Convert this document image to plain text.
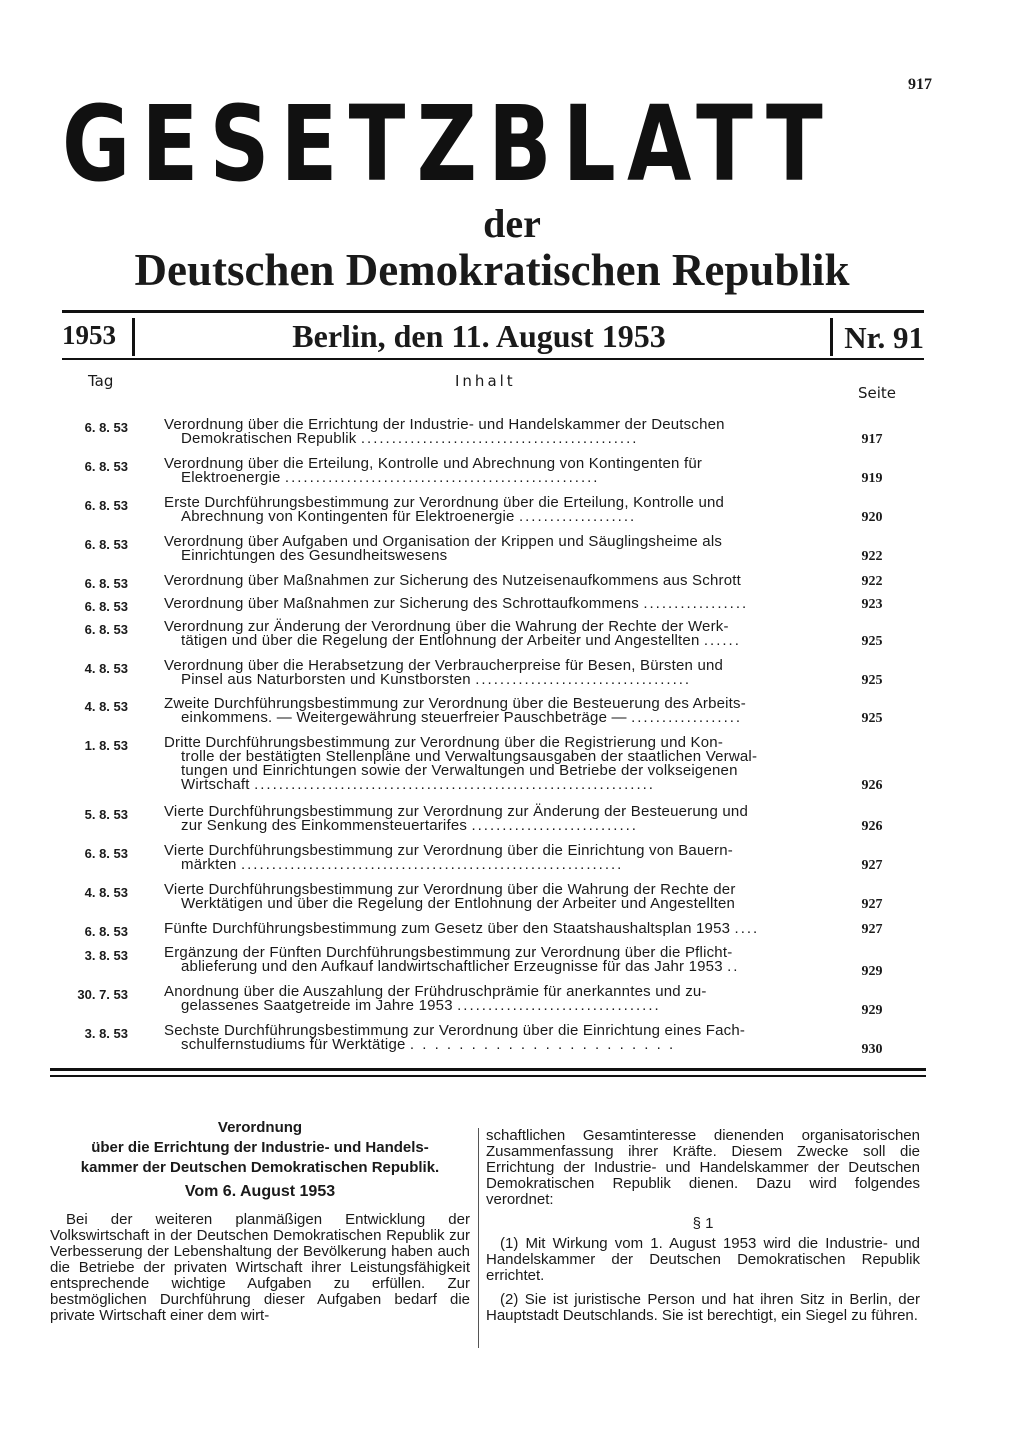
917
GESETZBLATT
der
Deutschen Demokratischen Republik
1953	Berlin, den 11. August 1953	Nr. 91
Tag	Inhalt
Seite
6. 8. 53 Verordnung über die Errichtung der Industrie- und Handelskammer der Deutschen
Demokratischen Republik .............................................	917
6. 8. 53 Verordnung über die Erteilung, Kontrolle und Abrechnung von Kontingenten für
Elektroenergie ...................................................	919
6. 8. 53 Erste Durchführungsbestimmung zur Verordnung über die Erteilung, Kontrolle und
Abrechnung von Kontingenten für Elektroenergie ...................	920
6. 8. 53 Verordnung über Aufgaben und Organisation der Krippen und Säuglingsheime als
Einrichtungen des Gesundheitswesens	922
6. 8. 53 Verordnung über Maßnahmen zur Sicherung des Nutzeisenaufkommens aus Schrott	922
6. 8. 53 Verordnung über Maßnahmen zur Sicherung des Schrottaufkommens .................	923
6. 8. 53 Verordnung zur Änderung der Verordnung über die Wahrung der Rechte der Werk-
tätigen und über die Regelung der Entlohnung der Arbeiter und Angestellten ......	925
4. 8. 53 Verordnung über die Herabsetzung der Verbraucherpreise für Besen, Bürsten und
Pinsel aus Naturborsten und Kunstborsten ...................................	925
4. 8. 53 Zweite Durchführungsbestimmung zur Verordnung über die Besteuerung des Arbeits-
einkommens. — Weitergewährung steuerfreier Pauschbeträge — ..................	925
1. 8. 53 Dritte Durchführungsbestimmung zur Verordnung über die Registrierung und Kon-
trolle der bestätigten Stellenpläne und Verwaltungsausgaben der staatlichen Verwal-
tungen und Einrichtungen sowie der Verwaltungen und Betriebe der volkseigenen
Wirtschaft .................................................................	926
5. 8. 53 Vierte Durchführungsbestimmung zur Verordnung zur Änderung der Besteuerung und
zur Senkung des Einkommensteuertarifes ...........................	926
6. 8. 53 Vierte Durchführungsbestimmung zur Verordnung über die Einrichtung von Bauern-
märkten ..............................................................	927
4. 8. 53 Vierte Durchführungsbestimmung zur Verordnung über die Wahrung der Rechte der
Werktätigen und über die Regelung der Entlohnung der Arbeiter und Angestellten	927
6. 8. 53 Fünfte Durchführungsbestimmung zum Gesetz über den Staatshaushaltsplan 1953 ....	927
3. 8. 53 Ergänzung der Fünften Durchführungsbestimmung zur Verordnung über die Pflicht-
ablieferung und den Aufkauf landwirtschaftlicher Erzeugnisse für das Jahr 1953 ..	929
30. 7. 53 Anordnung über die Auszahlung der Frühdruschprämie für anerkanntes und zu-
gelassenes Saatgetreide im Jahre 1953 .................................	929
3. 8. 53 Sechste Durchführungsbestimmung zur Verordnung über die Einrichtung eines Fach-
schulfernstudiums für Werktätige . . . . . . . . . . . . . . . . . . . . . .	930
Verordnung
über die Errichtung der Industrie- und Handels-
kammer der Deutschen Demokratischen Republik.
Vom 6. August 1953
Bei der weiteren planmäßigen Entwicklung der Volkswirtschaft in der Deutschen Demokratischen Republik zur Verbesserung der Lebenshaltung der Bevölkerung haben auch die Betriebe der privaten Wirtschaft ihrer Leistungsfähigkeit entsprechende wichtige Aufgaben zu erfüllen. Zur bestmöglichen Durchführung dieser Aufgaben bedarf die private Wirtschaft einer dem wirt-

schaftlichen Gesamtinteresse dienenden organisatorischen Zusammenfassung ihrer Kräfte. Diesem Zwecke soll die Errichtung der Industrie- und Handelskammer der Deutschen Demokratischen Republik dienen. Dazu wird folgendes verordnet:

§ 1

(1) Mit Wirkung vom 1. August 1953 wird die Industrie- und Handelskammer der Deutschen Demokratischen Republik errichtet.

(2) Sie ist juristische Person und hat ihren Sitz in Berlin, der Hauptstadt Deutschlands. Sie ist berechtigt, ein Siegel zu führen.
